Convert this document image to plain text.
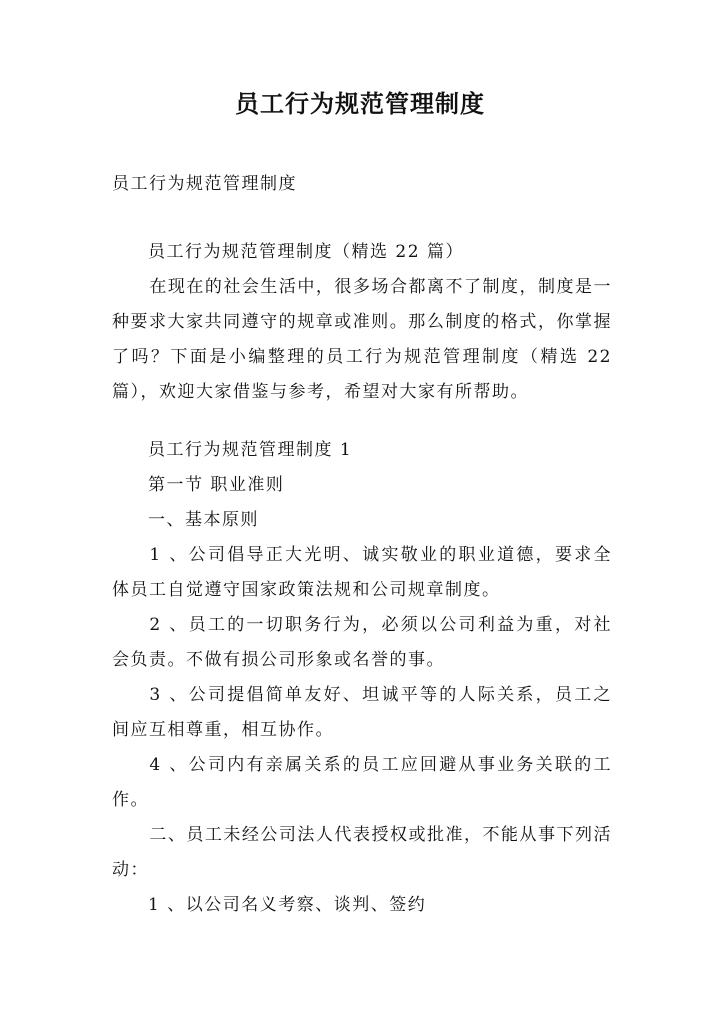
员工行为规范管理制度
员工行为规范管理制度

员工行为规范管理制度（精选 22 篇）

在现在的社会生活中，很多场合都离不了制度，制度是一种要求大家共同遵守的规章或准则。那么制度的格式，你掌握了吗？下面是小编整理的员工行为规范管理制度（精选 22 篇），欢迎大家借鉴与参考，希望对大家有所帮助。

员工行为规范管理制度 1

第一节 职业准则

一、基本原则

1 、公司倡导正大光明、诚实敬业的职业道德，要求全体员工自觉遵守国家政策法规和公司规章制度。

2 、员工的一切职务行为，必须以公司利益为重，对社会负责。不做有损公司形象或名誉的事。

3 、公司提倡简单友好、坦诚平等的人际关系，员工之间应互相尊重，相互协作。

4 、公司内有亲属关系的员工应回避从事业务关联的工作。

二、员工未经公司法人代表授权或批准，不能从事下列活动：

1 、以公司名义考察、谈判、签约
